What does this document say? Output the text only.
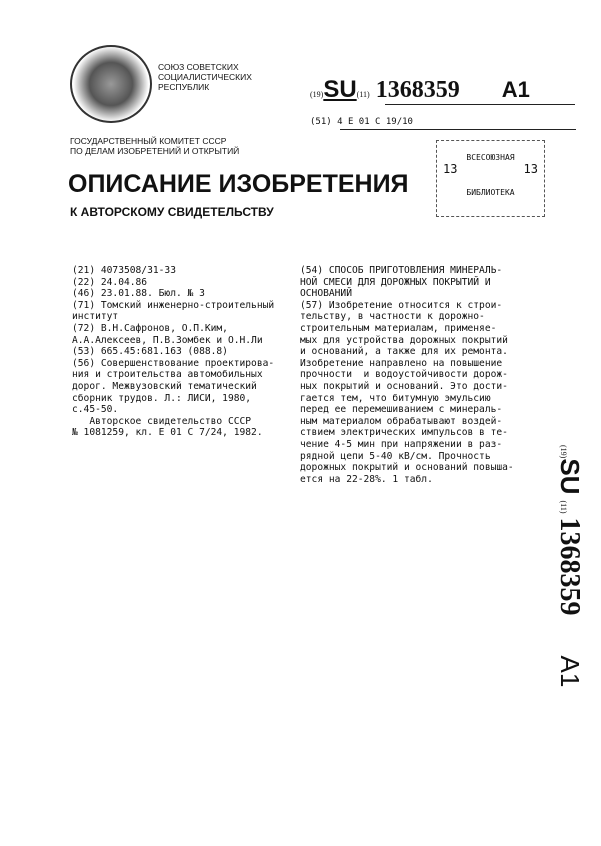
СОЮЗ СОВЕТСКИХ
СОЦИАЛИСТИЧЕСКИХ
РЕСПУБЛИК
(19)SU(11) 1368359 A1
(51) 4 E 01 C 19/10
ГОСУДАРСТВЕННЫЙ КОМИТЕТ СССР
ПО ДЕЛАМ ИЗОБРЕТЕНИЙ И ОТКРЫТИЙ
ОПИСАНИЕ ИЗОБРЕТЕНИЯ
К АВТОРСКОМУ СВИДЕТЕЛЬСТВУ
ВСЕСОЮЗНАЯ
13	13
БИБЛИОТЕКА
(21) 4073508/31-33
(22) 24.04.86
(46) 23.01.88. Бюл. № 3
(71) Томский инженерно-строительный
институт
(72) В.Н.Сафронов, О.П.Ким,
А.А.Алексеев, П.В.Зомбек и О.Н.Ли
(53) 665.45:681.163 (088.8)
(56) Совершенствование проектирова-
ния и строительства автомобильных
дорог. Межвузовский тематический
сборник трудов. Л.: ЛИСИ, 1980,
с.45-50.
Авторское свидетельство СССР
№ 1081259, кл. E 01 C 7/24, 1982.
(54) СПОСОБ ПРИГОТОВЛЕНИЯ МИНЕРАЛЬ-
НОЙ СМЕСИ ДЛЯ ДОРОЖНЫХ ПОКРЫТИЙ И
ОСНОВАНИЙ
(57) Изобретение относится к строи-
тельству, в частности к дорожно-
строительным материалам, применяе-
мых для устройства дорожных покрытий
и оснований, а также для их ремонта.
Изобретение направлено на повышение
прочности  и водоустойчивости дорож-
ных покрытий и оснований. Это дости-
гается тем, что битумную эмульсию
перед ее перемешиванием с минераль-
ным материалом обрабатывают воздей-
ствием электрических импульсов в те-
чение 4-5 мин при напряжении в раз-
рядной цепи 5-40 кВ/см. Прочность
дорожных покрытий и оснований повыша-
ется на 22-28%. 1 табл.
(19)SU(11) 1368359 A1
